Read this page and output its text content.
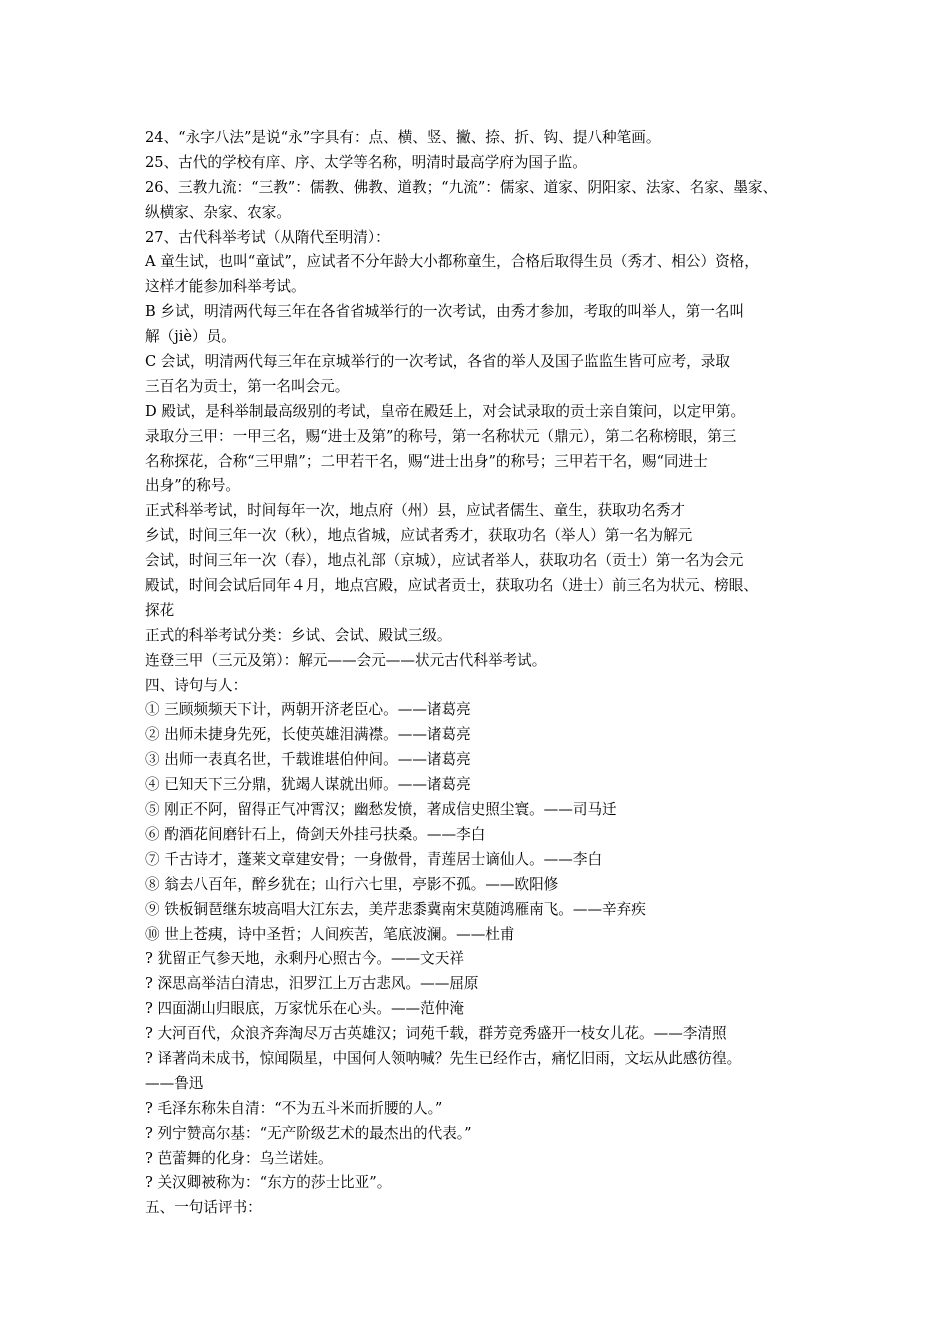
24、“永字八法”是说“永”字具有：点、横、竖、撇、捺、折、钩、提八种笔画。
25、古代的学校有庠、序、太学等名称，明清时最高学府为国子监。
26、三教九流：“三教”：儒教、佛教、道教；“九流”：儒家、道家、阴阳家、法家、名家、墨家、
纵横家、杂家、农家。
27、古代科举考试（从隋代至明清）：
A 童生试，也叫“童试”，应试者不分年龄大小都称童生，合格后取得生员（秀才、相公）资格，
这样才能参加科举考试。
B 乡试，明清两代每三年在各省省城举行的一次考试，由秀才参加，考取的叫举人，第一名叫
解（jiè）员。
C 会试，明清两代每三年在京城举行的一次考试，各省的举人及国子监监生皆可应考，录取
三百名为贡士，第一名叫会元。
D 殿试，是科举制最高级别的考试，皇帝在殿廷上，对会试录取的贡士亲自策问，以定甲第。
录取分三甲：一甲三名，赐“进士及第”的称号，第一名称状元（鼎元），第二名称榜眼，第三
名称探花，合称“三甲鼎”；二甲若干名，赐“进士出身”的称号；三甲若干名，赐“同进士
出身”的称号。
正式科举考试，时间每年一次，地点府（州）县，应试者儒生、童生，获取功名秀才
乡试，时间三年一次（秋），地点省城，应试者秀才，获取功名（举人）第一名为解元
会试，时间三年一次（春），地点礼部（京城），应试者举人，获取功名（贡士）第一名为会元
殿试，时间会试后同年４月，地点宫殿，应试者贡士，获取功名（进士）前三名为状元、榜眼、
探花
正式的科举考试分类：乡试、会试、殿试三级。
连登三甲（三元及第）：解元——会元——状元古代科举考试。
四、诗句与人：
① 三顾频频天下计，两朝开济老臣心。——诸葛亮
② 出师未捷身先死，长使英雄泪满襟。——诸葛亮
③ 出师一表真名世，千载谁堪伯仲间。——诸葛亮
④ 已知天下三分鼎，犹竭人谋就出师。——诸葛亮
⑤ 刚正不阿，留得正气冲霄汉；幽愁发愤，著成信史照尘寰。——司马迁
⑥ 酌酒花间磨针石上，倚剑天外挂弓扶桑。——李白
⑦ 千古诗才，蓬莱文章建安骨；一身傲骨，青莲居士谪仙人。——李白
⑧ 翁去八百年，醉乡犹在；山行六七里，亭影不孤。——欧阳修
⑨ 铁板铜琶继东坡高唱大江东去，美芹悲黍冀南宋莫随鸿雁南飞。——辛弃疾
⑩ 世上苍痍，诗中圣哲；人间疾苦，笔底波澜。——杜甫
? 犹留正气参天地，永剩丹心照古今。——文天祥
? 深思高举洁白清忠，汨罗江上万古悲风。——屈原
? 四面湖山归眼底，万家忧乐在心头。——范仲淹
? 大河百代，众浪齐奔淘尽万古英雄汉；词苑千载，群芳竞秀盛开一枝女儿花。——李清照
? 译著尚未成书，惊闻陨星，中国何人领呐喊？先生已经作古，痛忆旧雨，文坛从此感彷徨。
——鲁迅
? 毛泽东称朱自清：“不为五斗米而折腰的人。”
? 列宁赞高尔基：“无产阶级艺术的最杰出的代表。”
? 芭蕾舞的化身：乌兰诺娃。
? 关汉卿被称为：“东方的莎士比亚”。
五、一句话评书：
